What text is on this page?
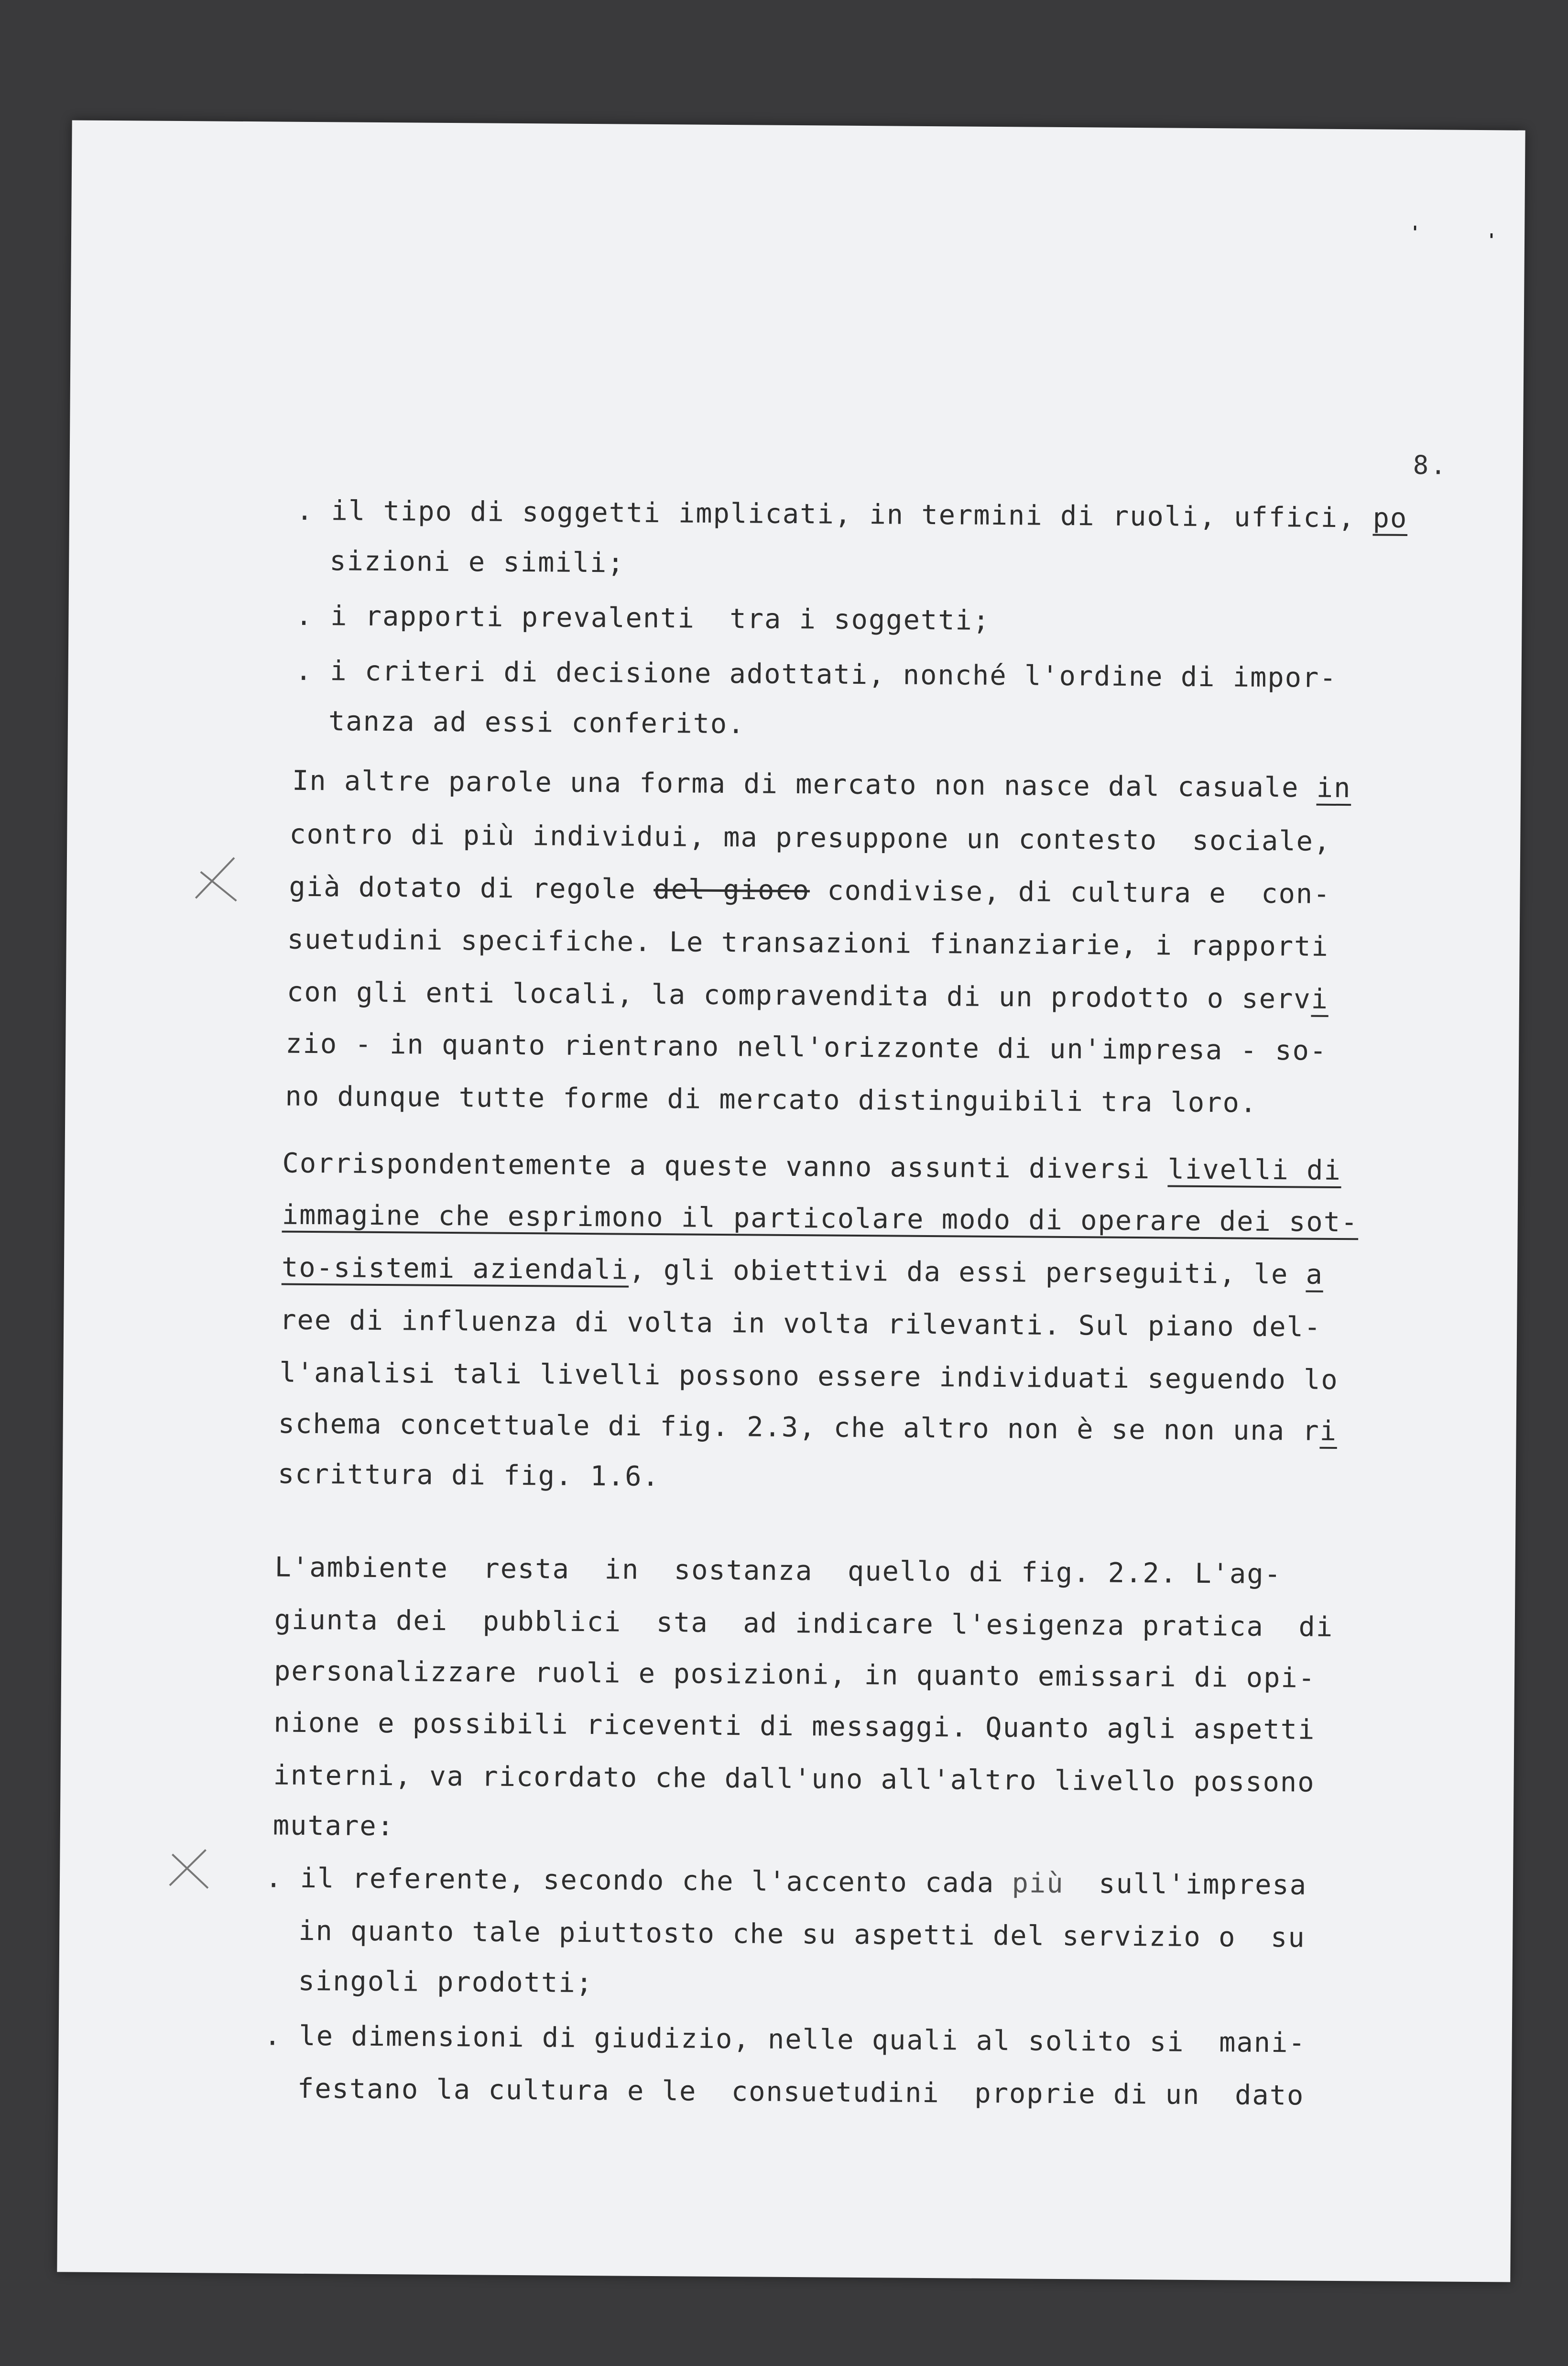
'	'
8.
. il tipo di soggetti implicati, in termini di ruoli, uffici, po
sizioni e simili;
. i rapporti prevalenti  tra i soggetti;
. i criteri di decisione adottati, nonché l'ordine di impor-
tanza ad essi conferito.
In altre parole una forma di mercato non nasce dal casuale in
contro di più individui, ma presuppone un contesto  sociale,
già dotato di regole del gioco condivise, di cultura e  con-
suetudini specifiche. Le transazioni finanziarie, i rapporti
con gli enti locali, la compravendita di un prodotto o servi
zio - in quanto rientrano nell'orizzonte di un'impresa - so-
no dunque tutte forme di mercato distinguibili tra loro.
Corrispondentemente a queste vanno assunti diversi livelli di
immagine che esprimono il particolare modo di operare dei sot-
to-sistemi aziendali, gli obiettivi da essi perseguiti, le a
ree di influenza di volta in volta rilevanti. Sul piano del-
l'analisi tali livelli possono essere individuati seguendo lo
schema concettuale di fig. 2.3, che altro non è se non una ri
scrittura di fig. 1.6.
L'ambiente  resta  in  sostanza  quello di fig. 2.2. L'ag-
giunta dei  pubblici  sta  ad indicare l'esigenza pratica  di
personalizzare ruoli e posizioni, in quanto emissari di opi-
nione e possibili riceventi di messaggi. Quanto agli aspetti
interni, va ricordato che dall'uno all'altro livello possono
mutare:
. il referente, secondo che l'accento cada più  sull'impresa
in quanto tale piuttosto che su aspetti del servizio o  su
singoli prodotti;
. le dimensioni di giudizio, nelle quali al solito si  mani-
festano la cultura e le  consuetudini  proprie di un  dato
